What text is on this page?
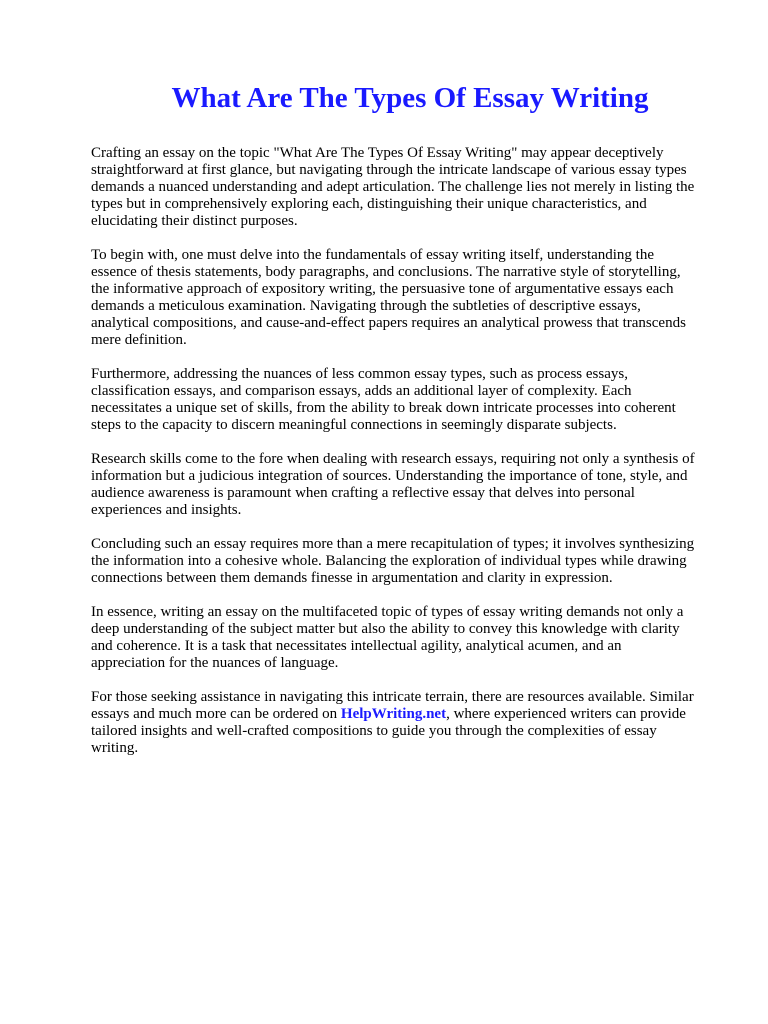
What Are The Types Of Essay Writing

Crafting an essay on the topic "What Are The Types Of Essay Writing" may appear deceptively
straightforward at first glance, but navigating through the intricate landscape of various essay types
demands a nuanced understanding and adept articulation. The challenge lies not merely in listing the
types but in comprehensively exploring each, distinguishing their unique characteristics, and
elucidating their distinct purposes.

To begin with, one must delve into the fundamentals of essay writing itself, understanding the
essence of thesis statements, body paragraphs, and conclusions. The narrative style of storytelling,
the informative approach of expository writing, the persuasive tone of argumentative essays each
demands a meticulous examination. Navigating through the subtleties of descriptive essays,
analytical compositions, and cause-and-effect papers requires an analytical prowess that transcends
mere definition.

Furthermore, addressing the nuances of less common essay types, such as process essays,
classification essays, and comparison essays, adds an additional layer of complexity. Each
necessitates a unique set of skills, from the ability to break down intricate processes into coherent
steps to the capacity to discern meaningful connections in seemingly disparate subjects.

Research skills come to the fore when dealing with research essays, requiring not only a synthesis of
information but a judicious integration of sources. Understanding the importance of tone, style, and
audience awareness is paramount when crafting a reflective essay that delves into personal
experiences and insights.

Concluding such an essay requires more than a mere recapitulation of types; it involves synthesizing
the information into a cohesive whole. Balancing the exploration of individual types while drawing
connections between them demands finesse in argumentation and clarity in expression.

In essence, writing an essay on the multifaceted topic of types of essay writing demands not only a
deep understanding of the subject matter but also the ability to convey this knowledge with clarity
and coherence. It is a task that necessitates intellectual agility, analytical acumen, and an
appreciation for the nuances of language.

For those seeking assistance in navigating this intricate terrain, there are resources available. Similar
essays and much more can be ordered on HelpWriting.net, where experienced writers can provide
tailored insights and well-crafted compositions to guide you through the complexities of essay
writing.
